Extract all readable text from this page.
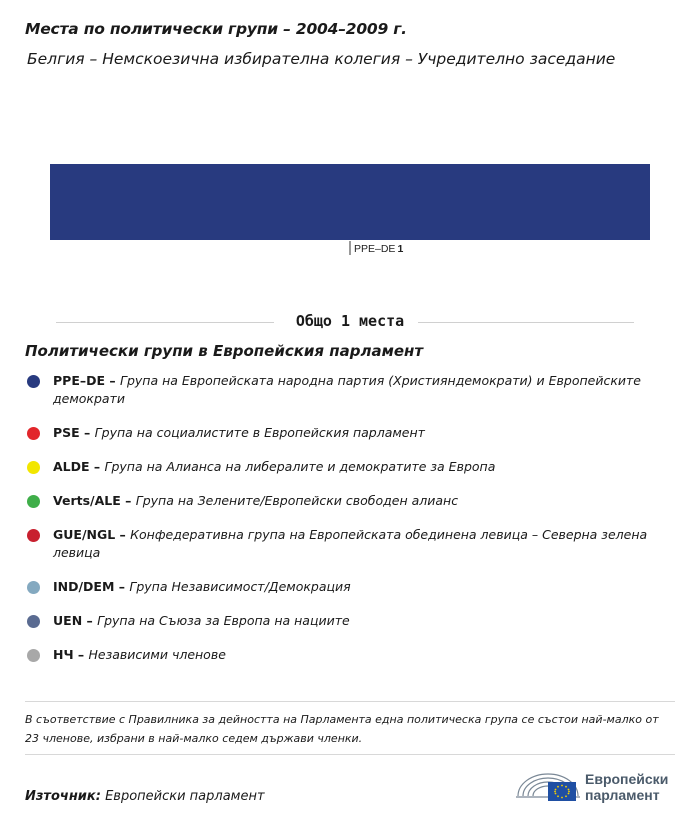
Места по политически групи – 2004–2009 г.
Белгия – Немскоезична избирателна колегия – Учредително заседание
PPE–DE 1
Общо 1 места
Политически групи в Европейския парламент
PPE–DE – Група на Европейската народна партия (Християндемократи) и Европейските демократи
PSE – Група на социалистите в Европейския парламент
ALDE – Група на Алианса на либералите и демократите за Европа
Verts/ALE – Група на Зелените/Европейски свободен алианс
GUE/NGL – Конфедеративна група на Европейската обединена левица – Северна зелена левица
IND/DEM – Група Независимост/Демокрация
UEN – Група на Съюза за Европа на нациите
НЧ – Независими членове
В съответствие с Правилника за дейността на Парламента една политическа група се състои най-малко от 23 членове, избрани в най-малко седем държави членки.
Източник: Европейски парламент
Европейски
парламент
